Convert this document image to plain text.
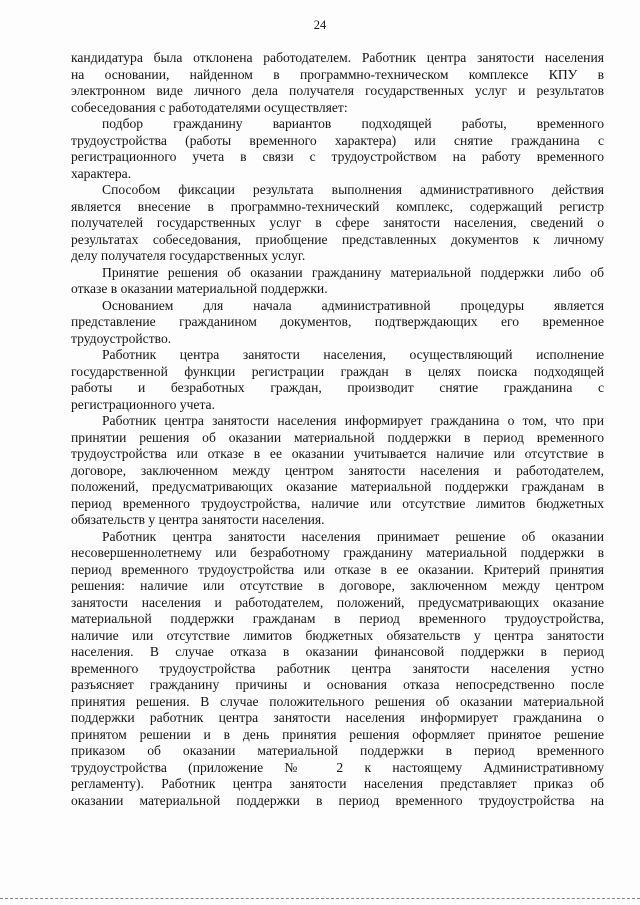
24
кандидатура была отклонена работодателем. Работник центра занятости населения
на основании, найденном в программно-техническом комплексе КПУ в
электронном виде личного дела получателя государственных услуг и результатов
собеседования с работодателями осуществляет:
подбор гражданину вариантов подходящей работы, временного
трудоустройства (работы временного характера) или снятие гражданина с
регистрационного учета в связи с трудоустройством на работу временного
характера.
Способом фиксации результата выполнения административного действия
является внесение в программно-технический комплекс, содержащий регистр
получателей государственных услуг в сфере занятости населения, сведений о
результатах собеседования, приобщение представленных документов к личному
делу получателя государственных услуг.
Принятие решения об оказании гражданину материальной поддержки либо об
отказе в оказании материальной поддержки.
Основанием для начала административной процедуры является
представление гражданином документов, подтверждающих его временное
трудоустройство.
Работник центра занятости населения, осуществляющий исполнение
государственной функции регистрации граждан в целях поиска подходящей
работы и безработных граждан, производит снятие гражданина с
регистрационного учета.
Работник центра занятости населения информирует гражданина о том, что при
принятии решения об оказании материальной поддержки в период временного
трудоустройства или отказе в ее оказании учитывается наличие или отсутствие в
договоре, заключенном между центром занятости населения и работодателем,
положений, предусматривающих оказание материальной поддержки гражданам в
период временного трудоустройства, наличие или отсутствие лимитов бюджетных
обязательств у центра занятости населения.
Работник центра занятости населения принимает решение об оказании
несовершеннолетнему или безработному гражданину материальной поддержки в
период временного трудоустройства или отказе в ее оказании. Критерий принятия
решения: наличие или отсутствие в договоре, заключенном между центром
занятости населения и работодателем, положений, предусматривающих оказание
материальной поддержки гражданам в период временного трудоустройства,
наличие или отсутствие лимитов бюджетных обязательств у центра занятости
населения. В случае отказа в оказании финансовой поддержки в период
временного трудоустройства работник центра занятости населения устно
разъясняет гражданину причины и основания отказа непосредственно после
принятия решения. В случае положительного решения об оказании материальной
поддержки работник центра занятости населения информирует гражданина о
принятом решении и в день принятия решения оформляет принятое решение
приказом об оказании материальной поддержки в период временного
трудоустройства (приложение № 2 к настоящему Административному
регламенту). Работник центра занятости населения представляет приказ об
оказании материальной поддержки в период временного трудоустройства на
